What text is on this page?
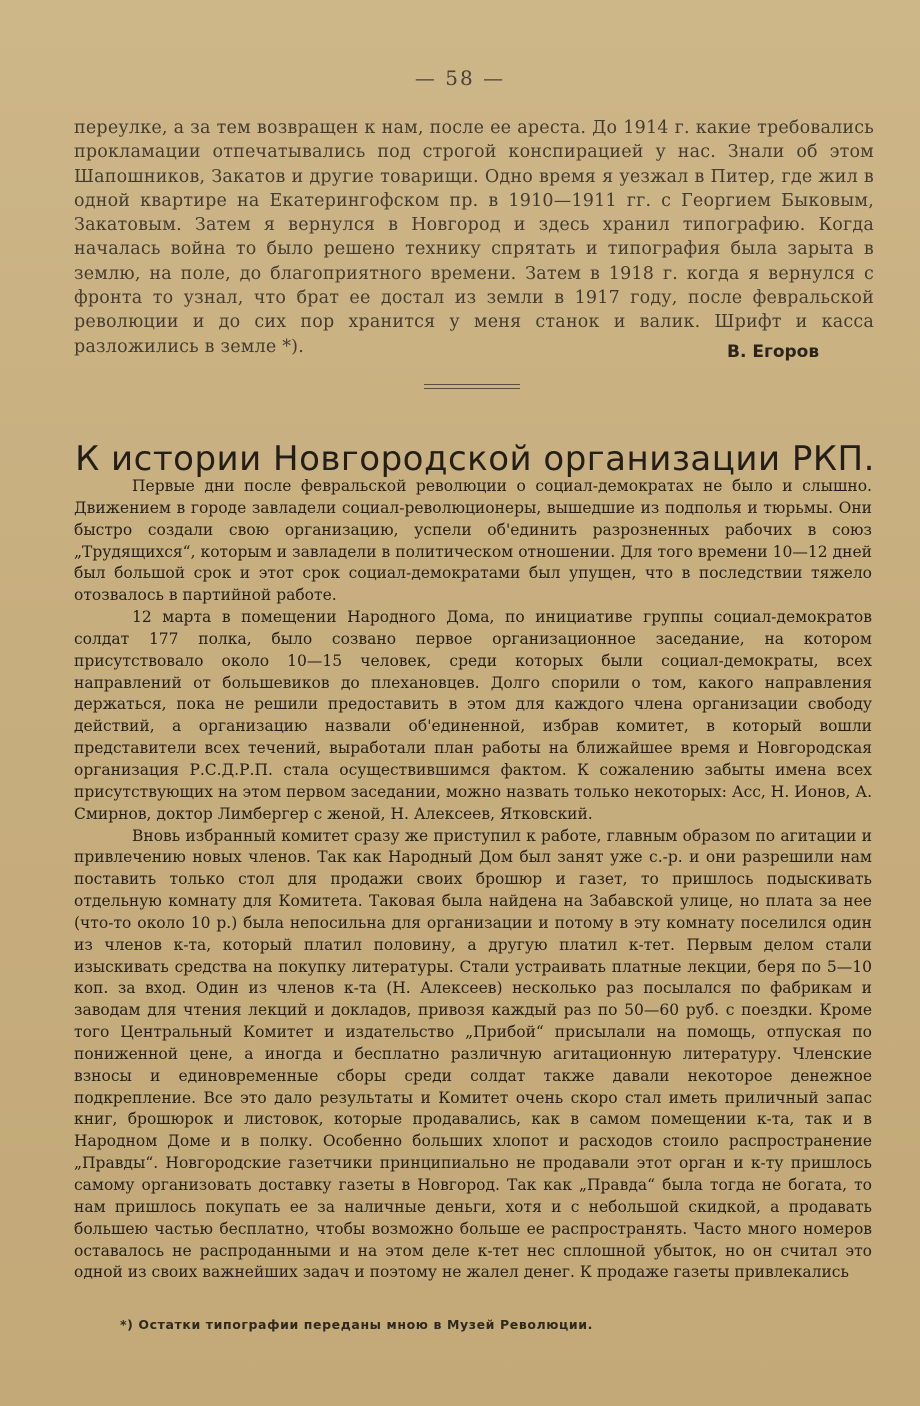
— 58 —
переулке, а за тем возвращен к нам, после ее ареста. До 1914 г. какие требовались прокламации отпечатывались под строгой конспирацией у нас. Знали об этом Шапошников, Закатов и другие товарищи. Одно время я уезжал в Питер, где жил в одной квартире на Екатерингофском пр. в 1910—1911 гг. с Георгием Быковым, Закатовым. Затем я вернулся в Новгород и здесь хранил типографию. Когда началась война то было решено технику спрятать и типография была зарыта в землю, на поле, до благоприятного времени. Затем в 1918 г. когда я вернулся с фронта то узнал, что брат ее достал из земли в 1917 году, после февральской революции и до сих пор хранится у меня станок и валик. Шрифт и касса разложились в земле *).	В. Егоров
К истории Новгородской организации РКП.

Первые дни после февральской революции о социал-демократах не было и слышно. Движением в городе завладели социал-революционеры, вышедшие из подполья и тюрьмы. Они быстро создали свою организацию, успели об'единить разрозненных рабочих в союз „Трудящихся“, которым и завладели в политическом отношении. Для того времени 10—12 дней был большой срок и этот срок социал-демократами был упущен, что в последствии тяжело отозвалось в партийной работе.

12 марта в помещении Народного Дома, по инициативе группы социал-демократов солдат 177 полка, было созвано первое организационное заседание, на котором присутствовало около 10—15 человек, среди которых были социал-демократы, всех направлений от большевиков до плехановцев. Долго спорили о том, какого направления держаться, пока не решили предоставить в этом для каждого члена организации свободу действий, а организацию назвали об'единенной, избрав комитет, в который вошли представители всех течений, выработали план работы на ближайшее время и Новгородская организация Р.С.Д.Р.П. стала осуществившимся фактом. К сожалению забыты имена всех присутствующих на этом первом заседании, можно назвать только некоторых: Асс, Н. Ионов, А. Смирнов, доктор Лимбергер с женой, Н. Алексеев, Ятковский.

Вновь избранный комитет сразу же приступил к работе, главным образом по агитации и привлечению новых членов. Так как Народный Дом был занят уже с.-р. и они разрешили нам поставить только стол для продажи своих брошюр и газет, то пришлось подыскивать отдельную комнату для Комитета. Таковая была найдена на Забавской улице, но плата за нее (что-то около 10 р.) была непосильна для организации и потому в эту комнату поселился один из членов к-та, который платил половину, а другую платил к-тет. Первым делом стали изыскивать средства на покупку литературы. Стали устраивать платные лекции, беря по 5—10 коп. за вход. Один из членов к-та (Н. Алексеев) несколько раз посылался по фабрикам и заводам для чтения лекций и докладов, привозя каждый раз по 50—60 руб. с поездки. Кроме того Центральный Комитет и издательство „Прибой“ присылали на помощь, отпуская по пониженной цене, а иногда и бесплатно различную агитационную литературу. Членские взносы и единовременные сборы среди солдат также давали некоторое денежное подкрепление. Все это дало результаты и Комитет очень скоро стал иметь приличный запас книг, брошюрок и листовок, которые продавались, как в самом помещении к-та, так и в Народном Доме и в полку. Особенно больших хлопот и расходов стоило распространение „Правды“. Новгородские газетчики принципиально не продавали этот орган и к-ту пришлось самому организовать доставку газеты в Новгород. Так как „Правда“ была тогда не богата, то нам пришлось покупать ее за наличные деньги, хотя и с небольшой скидкой, а продавать большею частью бесплатно, чтобы возможно больше ее распространять. Часто много номеров оставалось не распроданными и на этом деле к-тет нес сплошной убыток, но он считал это одной из своих важнейших задач и поэтому не жалел денег. К продаже газеты привлекались

*) Остатки типографии переданы мною в Музей Революции.
